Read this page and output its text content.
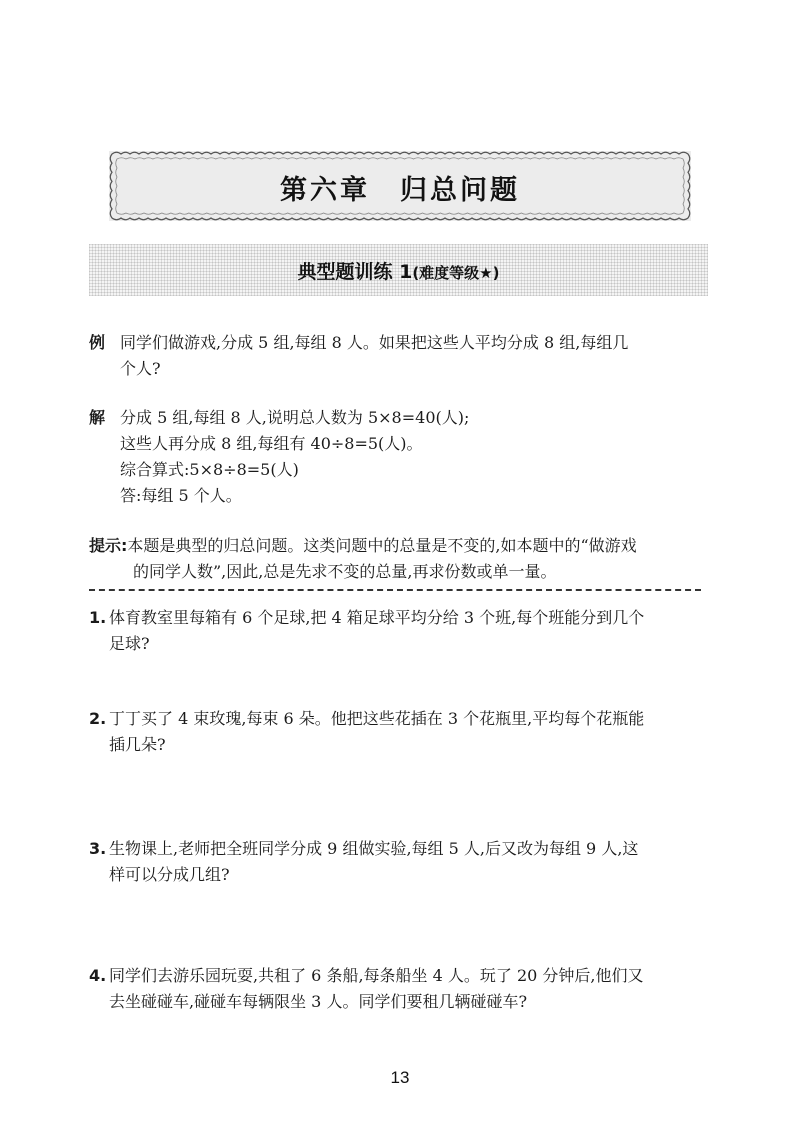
第六章　归总问题
典型题训练 1(难度等级★)
例 同学们做游戏,分成 5 组,每组 8 人。如果把这些人平均分成 8 组,每组几
个人?
解 分成 5 组,每组 8 人,说明总人数为 5×8=40(人);
这些人再分成 8 组,每组有 40÷8=5(人)。
综合算式:5×8÷8=5(人)
答:每组 5 个人。
提示:本题是典型的归总问题。这类问题中的总量是不变的,如本题中的“做游戏
的同学人数”,因此,总是先求不变的总量,再求份数或单一量。
1. 体育教室里每箱有 6 个足球,把 4 箱足球平均分给 3 个班,每个班能分到几个
足球?
2. 丁丁买了 4 束玫瑰,每束 6 朵。他把这些花插在 3 个花瓶里,平均每个花瓶能
插几朵?
3. 生物课上,老师把全班同学分成 9 组做实验,每组 5 人,后又改为每组 9 人,这
样可以分成几组?
4. 同学们去游乐园玩耍,共租了 6 条船,每条船坐 4 人。玩了 20 分钟后,他们又
去坐碰碰车,碰碰车每辆限坐 3 人。同学们要租几辆碰碰车?
13
